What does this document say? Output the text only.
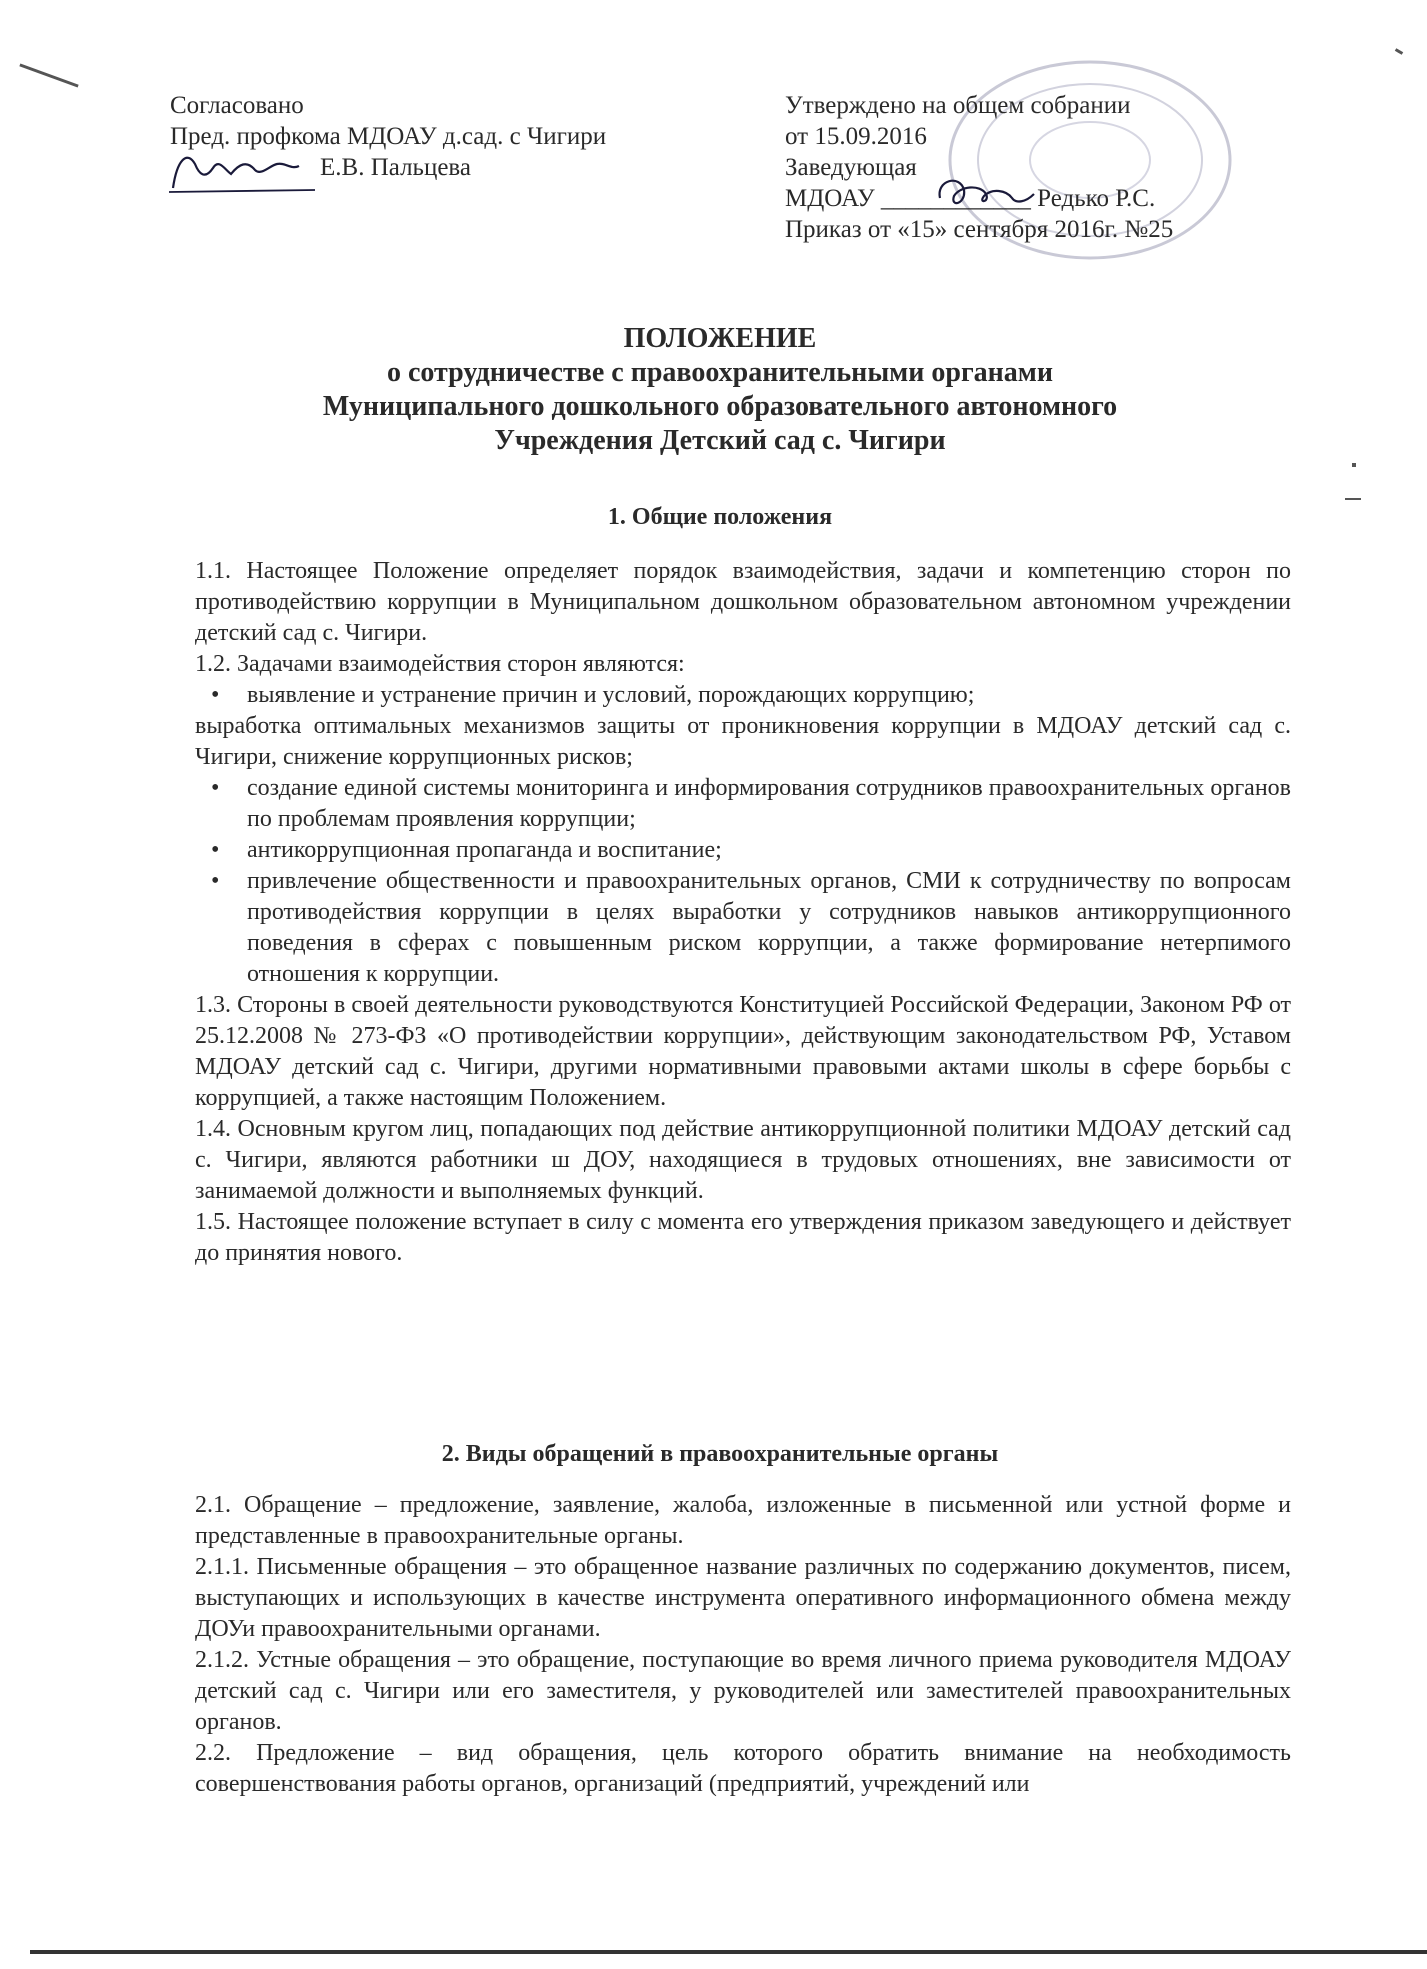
Согласовано
Пред. профкома МДОАУ д.сад. с Чигири
Е.В. Пальцева
Утверждено на общем собрании
от 15.09.2016
Заведующая
МДОАУ ____________ Редько Р.С.
Приказ от «15» сентября 2016г. №25
ПОЛОЖЕНИЕ
о сотрудничестве с правоохранительными органами
Муниципального дошкольного образовательного автономного
Учреждения Детский сад с. Чигири
1. Общие положения

1.1. Настоящее Положение определяет порядок взаимодействия, задачи и компетенцию сторон по противодействию коррупции в Муниципальном дошкольном образовательном автономном учреждении детский сад с. Чигири.

1.2. Задачами взаимодействия сторон являются:

• выявление и устранение причин и условий, порождающих коррупцию;

выработка оптимальных механизмов защиты от проникновения коррупции в МДОАУ детский сад с. Чигири, снижение коррупционных рисков;

• создание единой системы мониторинга и информирования сотрудников правоохранительных органов по проблемам проявления коррупции;

• антикоррупционная пропаганда и воспитание;

• привлечение общественности и правоохранительных органов, СМИ к сотрудничеству по вопросам противодействия коррупции в целях выработки у сотрудников навыков антикоррупционного поведения в сферах с повышенным риском коррупции, а также формирование нетерпимого отношения к коррупции.

1.3. Стороны в своей деятельности руководствуются Конституцией Российской Федерации, Законом РФ от 25.12.2008 № 273-ФЗ «О противодействии коррупции», действующим законодательством РФ, Уставом МДОАУ детский сад с. Чигири, другими нормативными правовыми актами школы в сфере борьбы с коррупцией, а также настоящим Положением.

1.4. Основным кругом лиц, попадающих под действие антикоррупционной политики МДОАУ детский сад с. Чигири, являются работники ш ДОУ, находящиеся в трудовых отношениях, вне зависимости от занимаемой должности и выполняемых функций.

1.5. Настоящее положение вступает в силу с момента его утверждения приказом заведующего и действует до принятия нового.

2. Виды обращений в правоохранительные органы

2.1. Обращение – предложение, заявление, жалоба, изложенные в письменной или устной форме и представленные в правоохранительные органы.

2.1.1. Письменные обращения – это обращенное название различных по содержанию документов, писем, выступающих и использующих в качестве инструмента оперативного информационного обмена между ДОУи правоохранительными органами.

2.1.2. Устные обращения – это обращение, поступающие во время личного приема руководителя МДОАУ детский сад с. Чигири или его заместителя, у руководителей или заместителей правоохранительных органов.

2.2. Предложение – вид обращения, цель которого обратить внимание на необходимость совершенствования работы органов, организаций (предприятий, учреждений или
